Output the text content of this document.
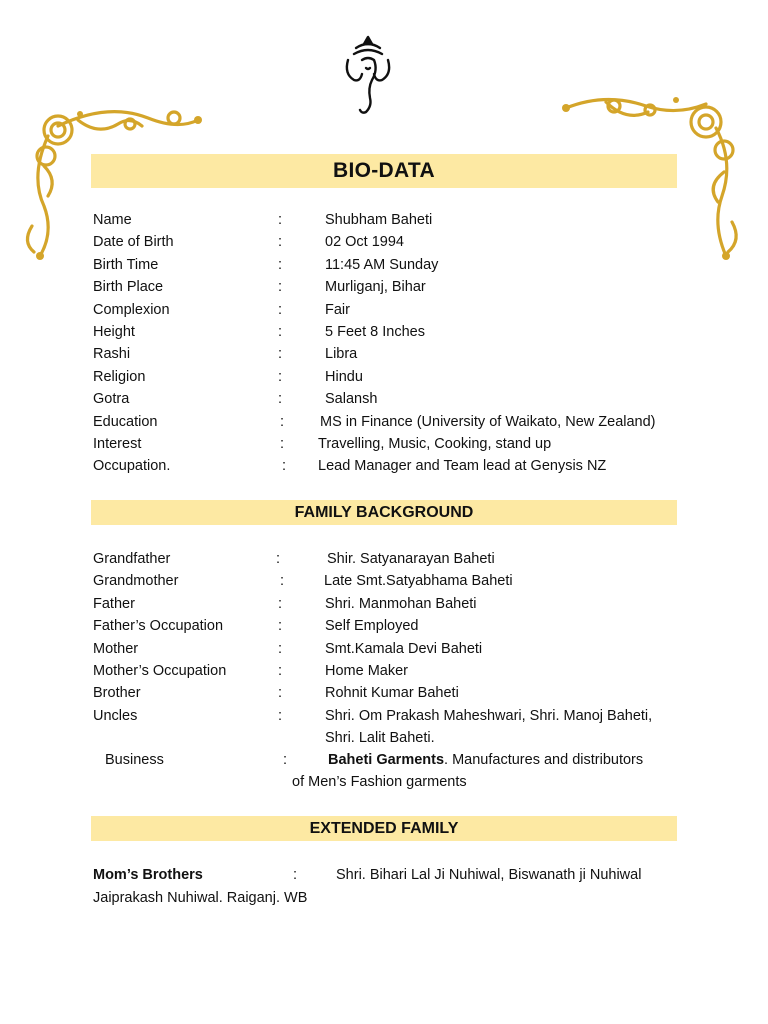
BIO-DATA
Name	:	Shubham Baheti
Date of Birth	:	02 Oct 1994
Birth Time	:	11:45 AM Sunday
Birth Place	:	Murliganj, Bihar
Complexion	:	Fair
Height	:	5 Feet 8 Inches
Rashi	:	Libra
Religion	:	Hindu
Gotra	:	Salansh
Education	: MS in Finance (University of Waikato, New Zealand)
Interest	: Travelling, Music, Cooking, stand up
Occupation.	: Lead Manager and Team lead at Genysis NZ
FAMILY BACKGROUND
Grandfather	:	Shir. Satyanarayan Baheti
Grandmother	:	Late Smt.Satyabhama Baheti
Father	:	Shri. Manmohan Baheti
Father’s Occupation	:	Self Employed
Mother	:	Smt.Kamala Devi Baheti
Mother’s Occupation	:	Home Maker
Brother	:	Rohnit Kumar Baheti
Uncles	:	Shri. Om Prakash Maheshwari, Shri. Manoj Baheti,
Shri. Lalit Baheti.
Business	:	Baheti Garments. Manufactures and distributors
of Men’s Fashion garments
EXTENDED FAMILY
Mom’s Brothers	:	Shri. Bihari Lal Ji Nuhiwal, Biswanath ji Nuhiwal
Jaiprakash Nuhiwal. Raiganj. WB
